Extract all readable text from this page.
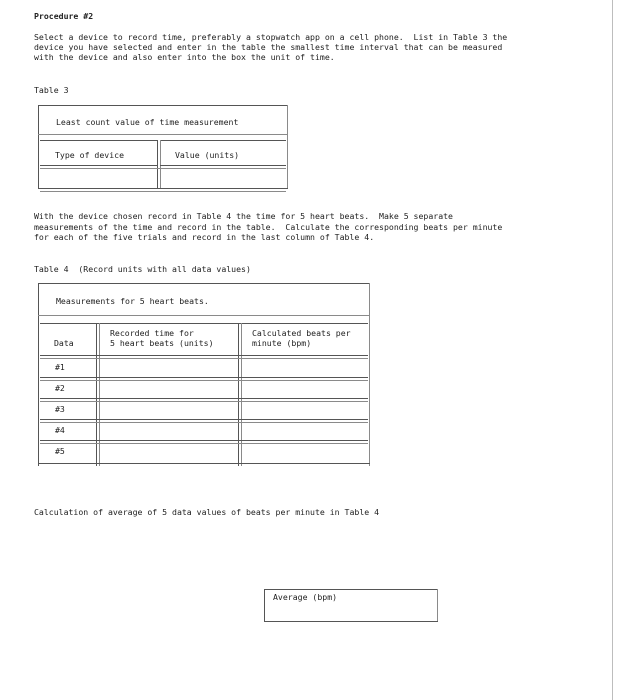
Procedure #2
Select a device to record time, preferably a stopwatch app on a cell phone.  List in Table 3 the
device you have selected and enter in the table the smallest time interval that can be measured
with the device and also enter into the box the unit of time.
Table 3
Least count value of time measurement
Type of device	Value (units)
With the device chosen record in Table 4 the time for 5 heart beats.  Make 5 separate
measurements of the time and record in the table.  Calculate the corresponding beats per minute
for each of the five trials and record in the last column of Table 4.
Table 4  (Record units with all data values)
Measurements for 5 heart beats.
Data
Recorded time for
5 heart beats (units)
Calculated beats per
minute (bpm)
#1
#2
#3
#4
#5
Calculation of average of 5 data values of beats per minute in Table 4
Average (bpm)
